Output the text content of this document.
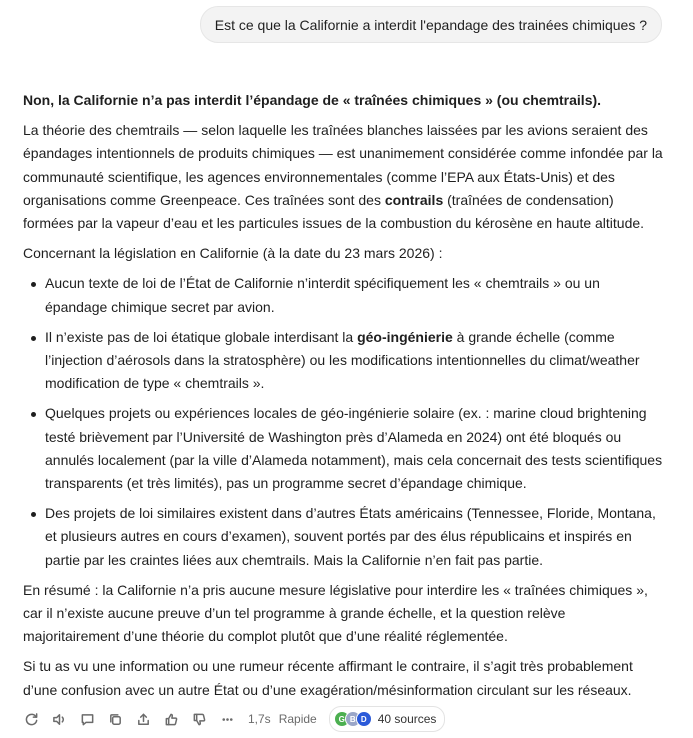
Est ce que la Californie a interdit l'epandage des trainées chimiques ?

Non, la Californie n’a pas interdit l’épandage de « traînées chimiques » (ou chemtrails).

La théorie des chemtrails — selon laquelle les traînées blanches laissées par les avions seraient des épandages intentionnels de produits chimiques — est unanimement considérée comme infondée par la communauté scientifique, les agences environnementales (comme l’EPA aux États-Unis) et des organisations comme Greenpeace. Ces traînées sont des contrails (traînées de condensation) formées par la vapeur d’eau et les particules issues de la combustion du kérosène en haute altitude.

Concernant la législation en Californie (à la date du 23 mars 2026) :

Aucun texte de loi de l’État de Californie n’interdit spécifiquement les « chemtrails » ou un épandage chimique secret par avion.
Il n’existe pas de loi étatique globale interdisant la géo-ingénierie à grande échelle (comme l’injection d’aérosols dans la stratosphère) ou les modifications intentionnelles du climat/weather modification de type « chemtrails ».
Quelques projets ou expériences locales de géo-ingénierie solaire (ex. : marine cloud brightening testé brièvement par l’Université de Washington près d’Alameda en 2024) ont été bloqués ou annulés localement (par la ville d’Alameda notamment), mais cela concernait des tests scientifiques transparents (et très limités), pas un programme secret d’épandage chimique.
Des projets de loi similaires existent dans d’autres États américains (Tennessee, Floride, Montana, et plusieurs autres en cours d’examen), souvent portés par des élus républicains et inspirés en partie par les craintes liées aux chemtrails. Mais la Californie n’en fait pas partie.

En résumé : la Californie n’a pris aucune mesure législative pour interdire les « traînées chimiques », car il n’existe aucune preuve d’un tel programme à grande échelle, et la question relève majoritairement d’une théorie du complot plutôt que d’une réalité réglementée.

Si tu as vu une information ou une rumeur récente affirmant le contraire, il s’agit très probablement d’une confusion avec un autre État ou d’une exagération/mésinformation circulant sur les réseaux.

1,7s Rapide	G B D 40 sources
